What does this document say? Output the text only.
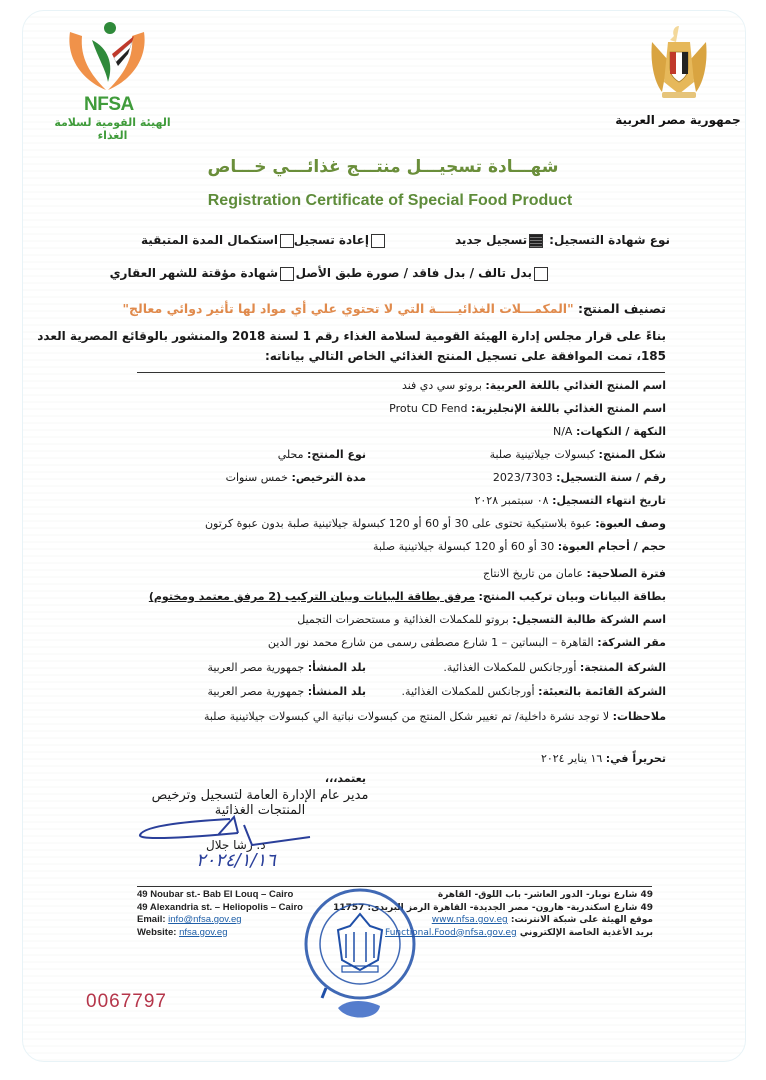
NFSA
الهيئة القومية لسلامة الغذاء
جمهورية مصر العربية
شهـــادة تسجيـــل منتـــج غذائـــي خـــاص
Registration Certificate of Special Food Product
نوع شهادة التسجيل:
تسجيل جديد
إعادة تسجيل
استكمال المدة المتبقية
بدل تالف / بدل فاقد / صورة طبق الأصل
شهادة مؤقتة للشهر العقاري
تصنيف المنتج: "المكمـــلات الغذائيـــــة التي لا تحتوي علي أي مواد لها تأثير دوائي معالج"
بناءً على قرار مجلس إدارة الهيئة القومية لسلامة الغذاء رقم 1 لسنة 2018 والمنشور بالوقائع المصرية العدد
185، تمت الموافقة على تسجيل المنتج الغذائي الخاص التالي بياناته:
اسم المنتج الغذائي باللغة العربية: بروتو سي دي فند
اسم المنتج الغذائي باللغة الإنجليزية: Protu CD Fend
النكهة / النكهات: N/A
شكل المنتج: كبسولات جيلاتينية صلبة
نوع المنتج: محلي
رقم / سنة التسجيل: 2023/7303
مدة الترخيص: خمس سنوات
تاريخ انتهاء التسجيل: ٠٨ سبتمبر ٢٠٢٨
وصف العبوة: عبوة بلاستيكية تحتوى على 30 أو 60 أو 120 كبسولة جيلاتينية صلبة بدون عبوة كرتون
حجم / أحجام العبوة: 30 أو 60 أو 120 كبسولة جيلاتينية صلبة
فترة الصلاحية: عامان من تاريخ الانتاج
بطاقة البيانات وبيان تركيب المنتج: مرفق بطاقة البيانات وبيان التركيب (2 مرفق معتمد ومختوم)
اسم الشركة طالبة التسجيل: بروتو للمكملات الغذائية و مستحضرات التجميل
مقر الشركة: القاهرة – البساتين – 1 شارع مصطفى رسمى من شارع محمد نور الدين
الشركة المنتجة: أورجانكس للمكملات الغذائية.
بلد المنشأ: جمهورية مصر العربية
الشركة القائمة بالتعبئة: أورجانكس للمكملات الغذائية.
بلد المنشأ: جمهورية مصر العربية
ملاحظات: لا توجد نشرة داخلية/ تم تغيير شكل المنتج من كبسولات نباتية الي كبسولات جيلاتينية صلبة
تحريراً في: ١٦ يناير ٢٠٢٤
يعتمد،،،
مدير عام الإدارة العامة لتسجيل وترخيص
المنتجات الغذائية
د. رشا جلال
٢٠٢٤/١/١٦
49 Noubar st.- Bab El Louq – Cairo
49 Alexandria st. – Heliopolis – Cairo
Email: info@nfsa.gov.eg
Website: nfsa.gov.eg
49 شارع نوبار- الدور العاشر- باب اللوق- القاهرة
49 شارع اسكندرية- هارون- مصر الجديدة- القاهرة الرمز البريدى: 11757
موقع الهيئة على شبكة الانترنت: www.nfsa.gov.eg
بريد الأغذية الخاصة الإلكتروني Functional.Food@nfsa.gov.eg
0067797
